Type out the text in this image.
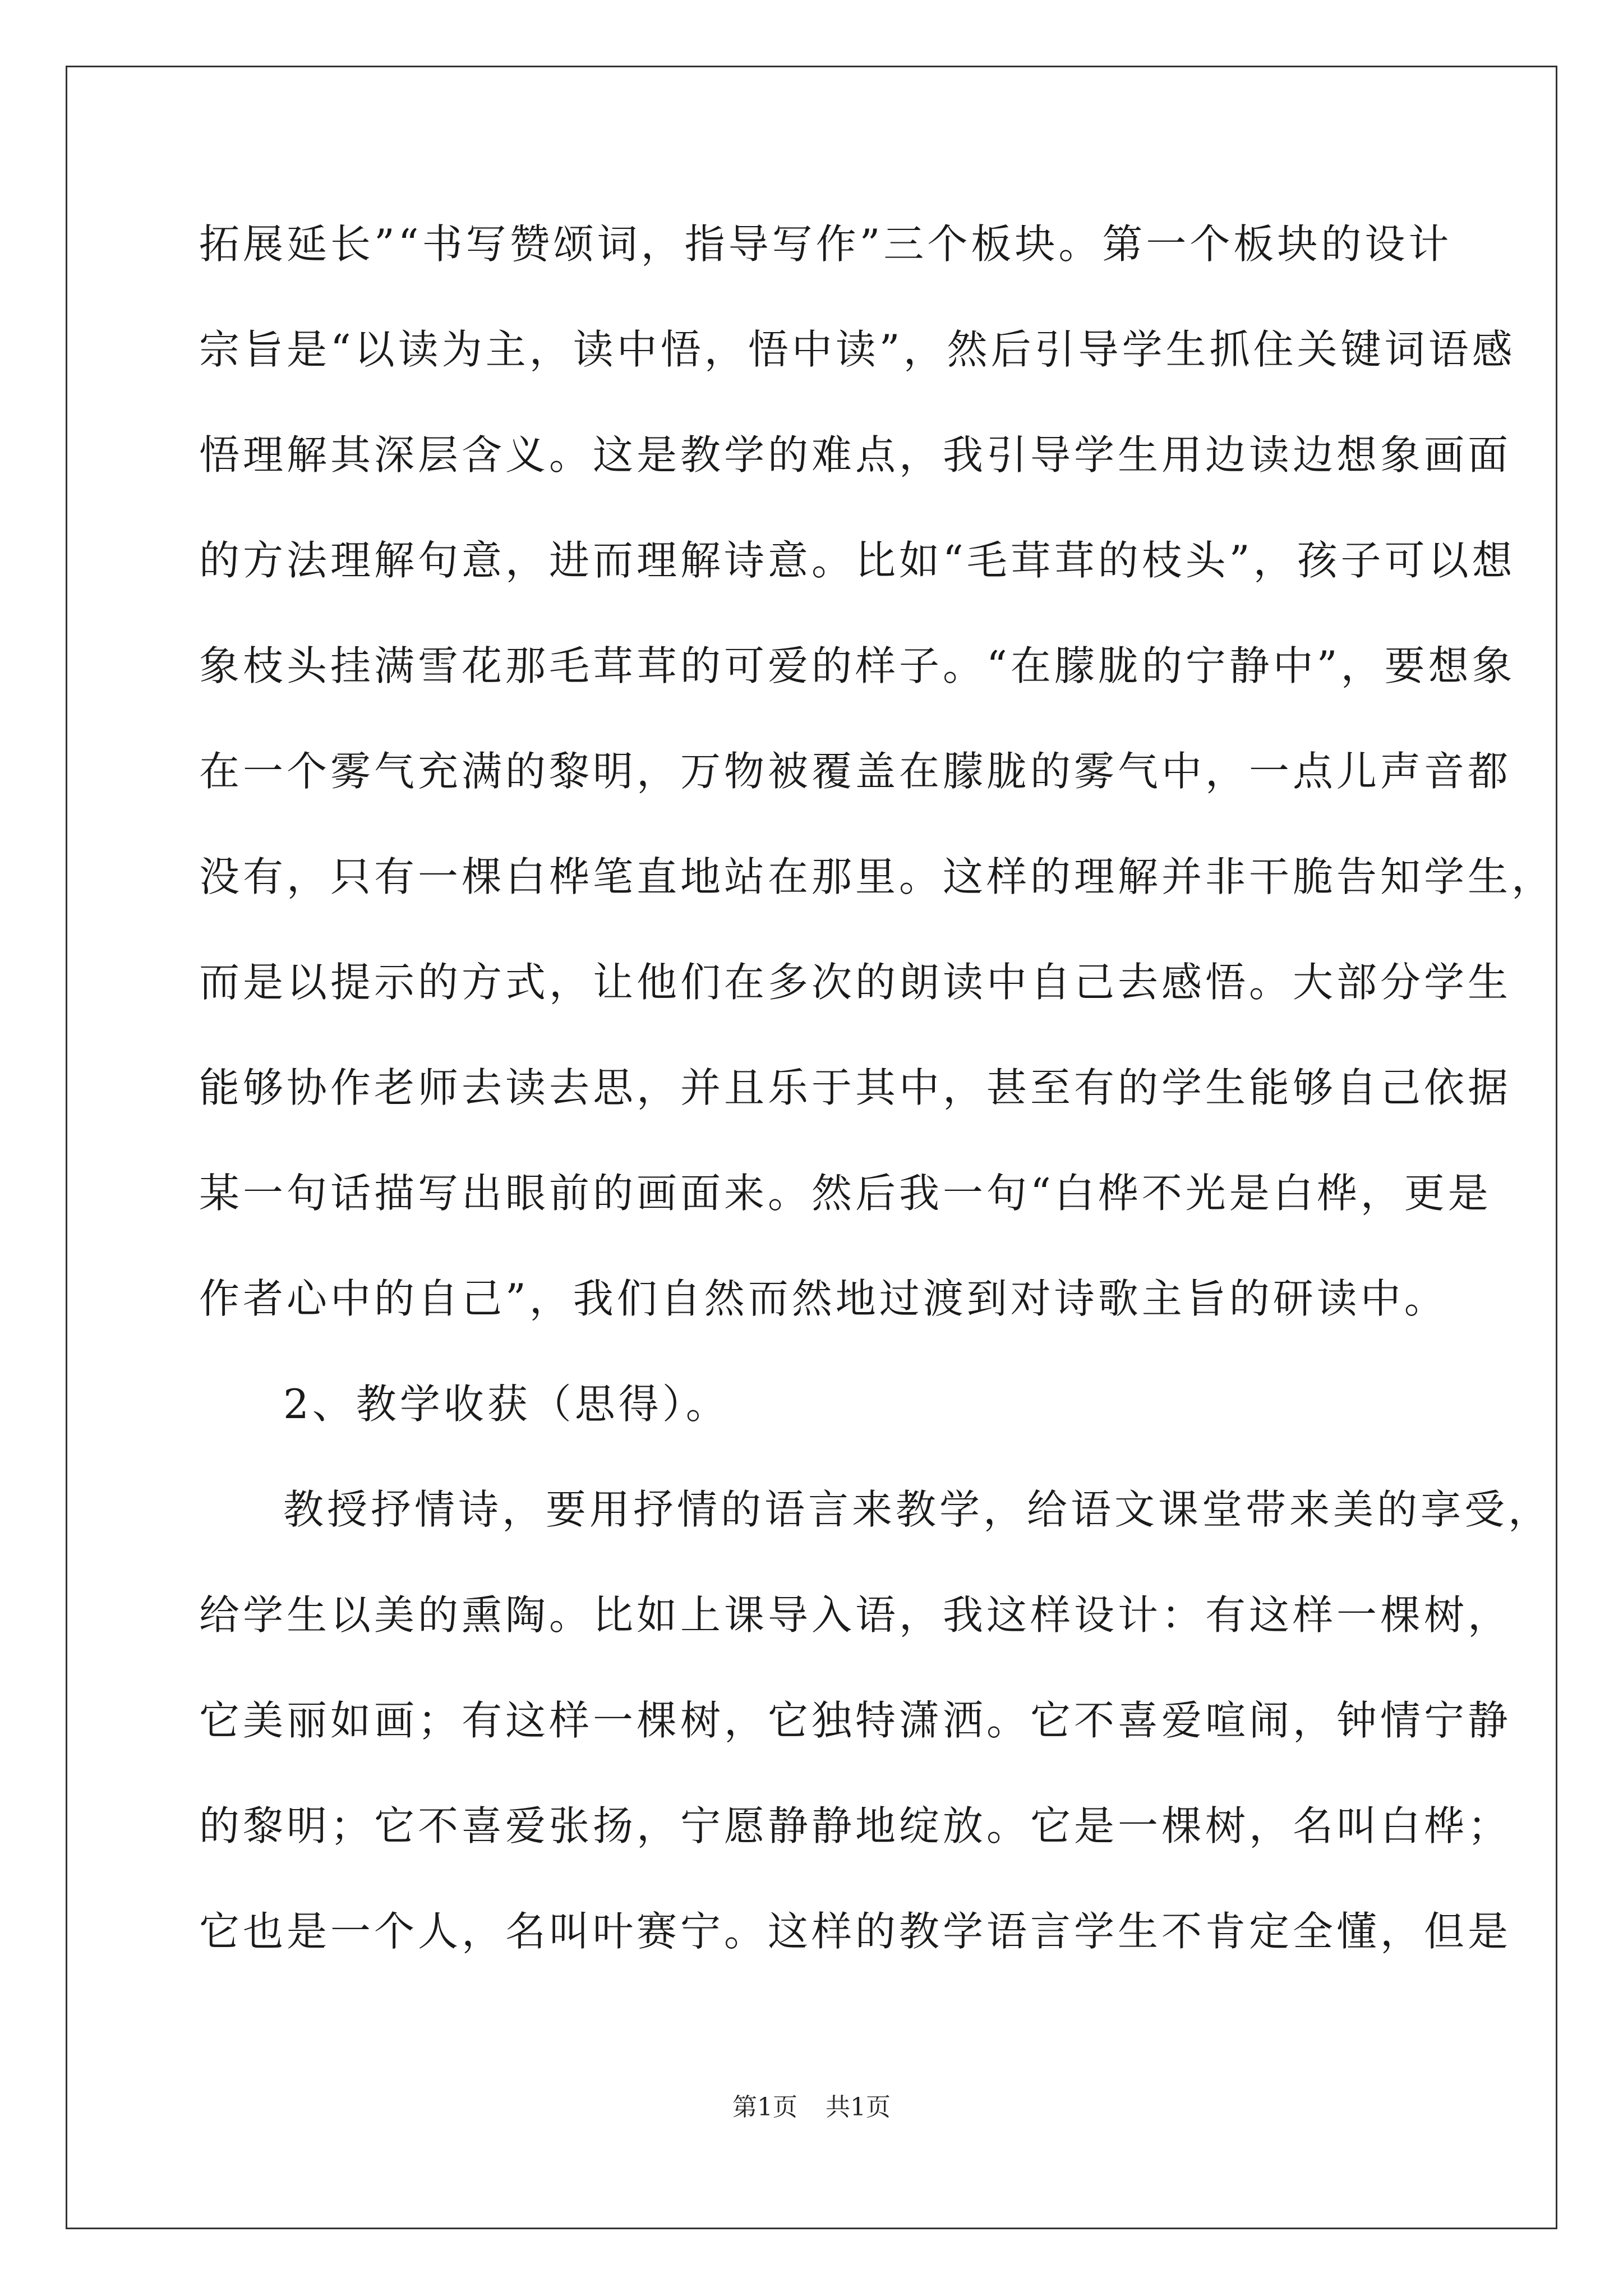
拓展延长”“书写赞颂词，指导写作”三个板块。第一个板块的设计
宗旨是“以读为主，读中悟，悟中读”，然后引导学生抓住关键词语感
悟理解其深层含义。这是教学的难点，我引导学生用边读边想象画面
的方法理解句意，进而理解诗意。比如“毛茸茸的枝头”，孩子可以想
象枝头挂满雪花那毛茸茸的可爱的样子。“在朦胧的宁静中”，要想象
在一个雾气充满的黎明，万物被覆盖在朦胧的雾气中，一点儿声音都
没有，只有一棵白桦笔直地站在那里。这样的理解并非干脆告知学生，
而是以提示的方式，让他们在多次的朗读中自己去感悟。大部分学生
能够协作老师去读去思，并且乐于其中，甚至有的学生能够自己依据
某一句话描写出眼前的画面来。然后我一句“白桦不光是白桦，更是
作者心中的自己”，我们自然而然地过渡到对诗歌主旨的研读中。
2、教学收获（思得）。
教授抒情诗，要用抒情的语言来教学，给语文课堂带来美的享受，
给学生以美的熏陶。比如上课导入语，我这样设计：有这样一棵树，
它美丽如画；有这样一棵树，它独特潇洒。它不喜爱喧闹，钟情宁静
的黎明；它不喜爱张扬，宁愿静静地绽放。它是一棵树，名叫白桦；
它也是一个人，名叫叶赛宁。这样的教学语言学生不肯定全懂，但是
第1页 共1页
